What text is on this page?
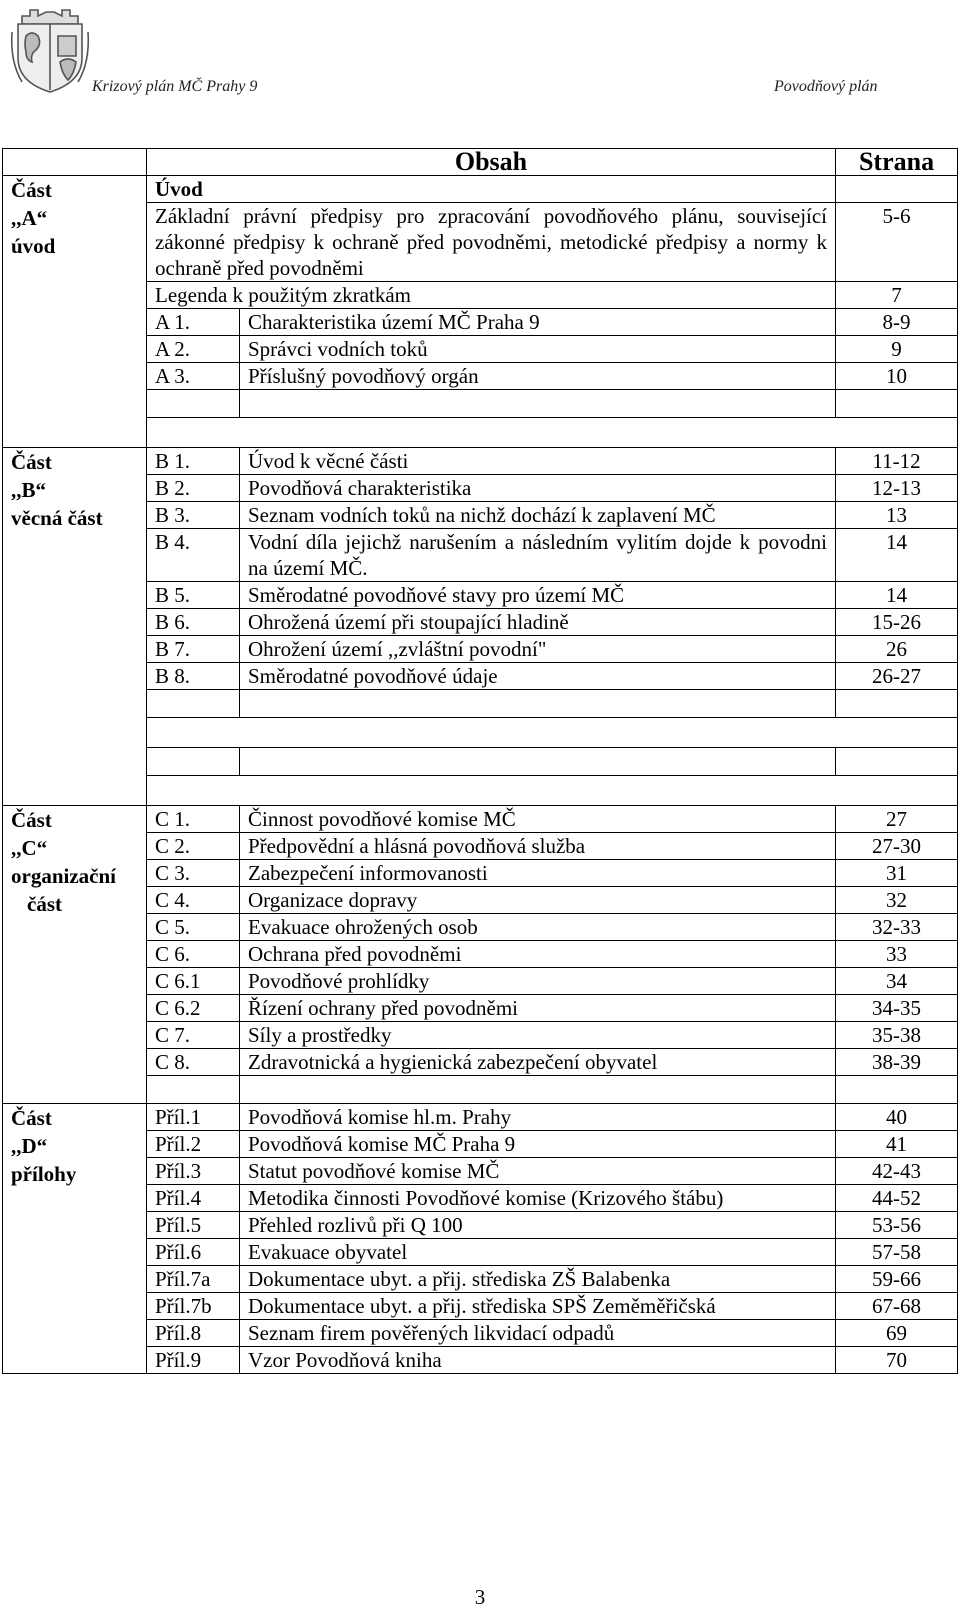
Krizový plán MČ Prahy 9	Povodňový plán
	Obsah		Strana

Část
,,A“
úvod	Úvod		
	Základní právní předpisy pro zpracování povodňového plánu, související zákonné předpisy k ochraně před povodněmi, metodické předpisy a normy k ochraně před povodněmi		5-6
	Legenda k použitým zkratkám		7
	A 1.	Charakteristika území MČ Praha 9	8-9
	A 2.	Správci vodních toků	9
	A 3.	Příslušný povodňový orgán	10

Část
,,B“
věcná část	B 1.	Úvod k věcné části	11-12
	B 2.	Povodňová charakteristika	12-13
	B 3.	Seznam vodních toků na nichž dochází k zaplavení MČ	13
	B 4.	Vodní díla jejichž narušením a následním vylitím dojde k povodni na území MČ.	14
	B 5.	Směrodatné povodňové stavy pro území MČ	14
	B 6.	Ohrožená území při stoupající hladině	15-26
	B 7.	Ohrožení území ,,zvláštní povodní"	26
	B 8.	Směrodatné povodňové údaje	26-27

Část
,,C“
organizační
část	C 1.	Činnost povodňové komise MČ	27
	C 2.	Předpovědní a hlásná povodňová služba	27-30
	C 3.	Zabezpečení informovanosti	31
	C 4.	Organizace dopravy	32
	C 5.	Evakuace ohrožených osob	32-33
	C 6.	Ochrana před povodněmi	33
	C 6.1	Povodňové prohlídky	34
	C 6.2	Řízení ochrany před povodněmi	34-35
	C 7.	Síly a prostředky	35-38
	C 8.	Zdravotnická a hygienická zabezpečení obyvatel	38-39

Část
,,D“
přílohy	Příl.1	Povodňová komise hl.m. Prahy	40
	Příl.2	Povodňová komise MČ Praha 9	41
	Příl.3	Statut povodňové komise MČ	42-43
	Příl.4	Metodika činnosti Povodňové komise (Krizového štábu)	44-52
	Příl.5	Přehled rozlivů při Q 100	53-56
	Příl.6	Evakuace obyvatel	57-58
	Příl.7a	Dokumentace ubyt. a přij. střediska ZŠ Balabenka	59-66
	Příl.7b	Dokumentace ubyt. a přij. střediska SPŠ Zeměměřičská	67-68
	Příl.8	Seznam firem pověřených likvidací odpadů	69
	Příl.9	Vzor Povodňová kniha	70
3
